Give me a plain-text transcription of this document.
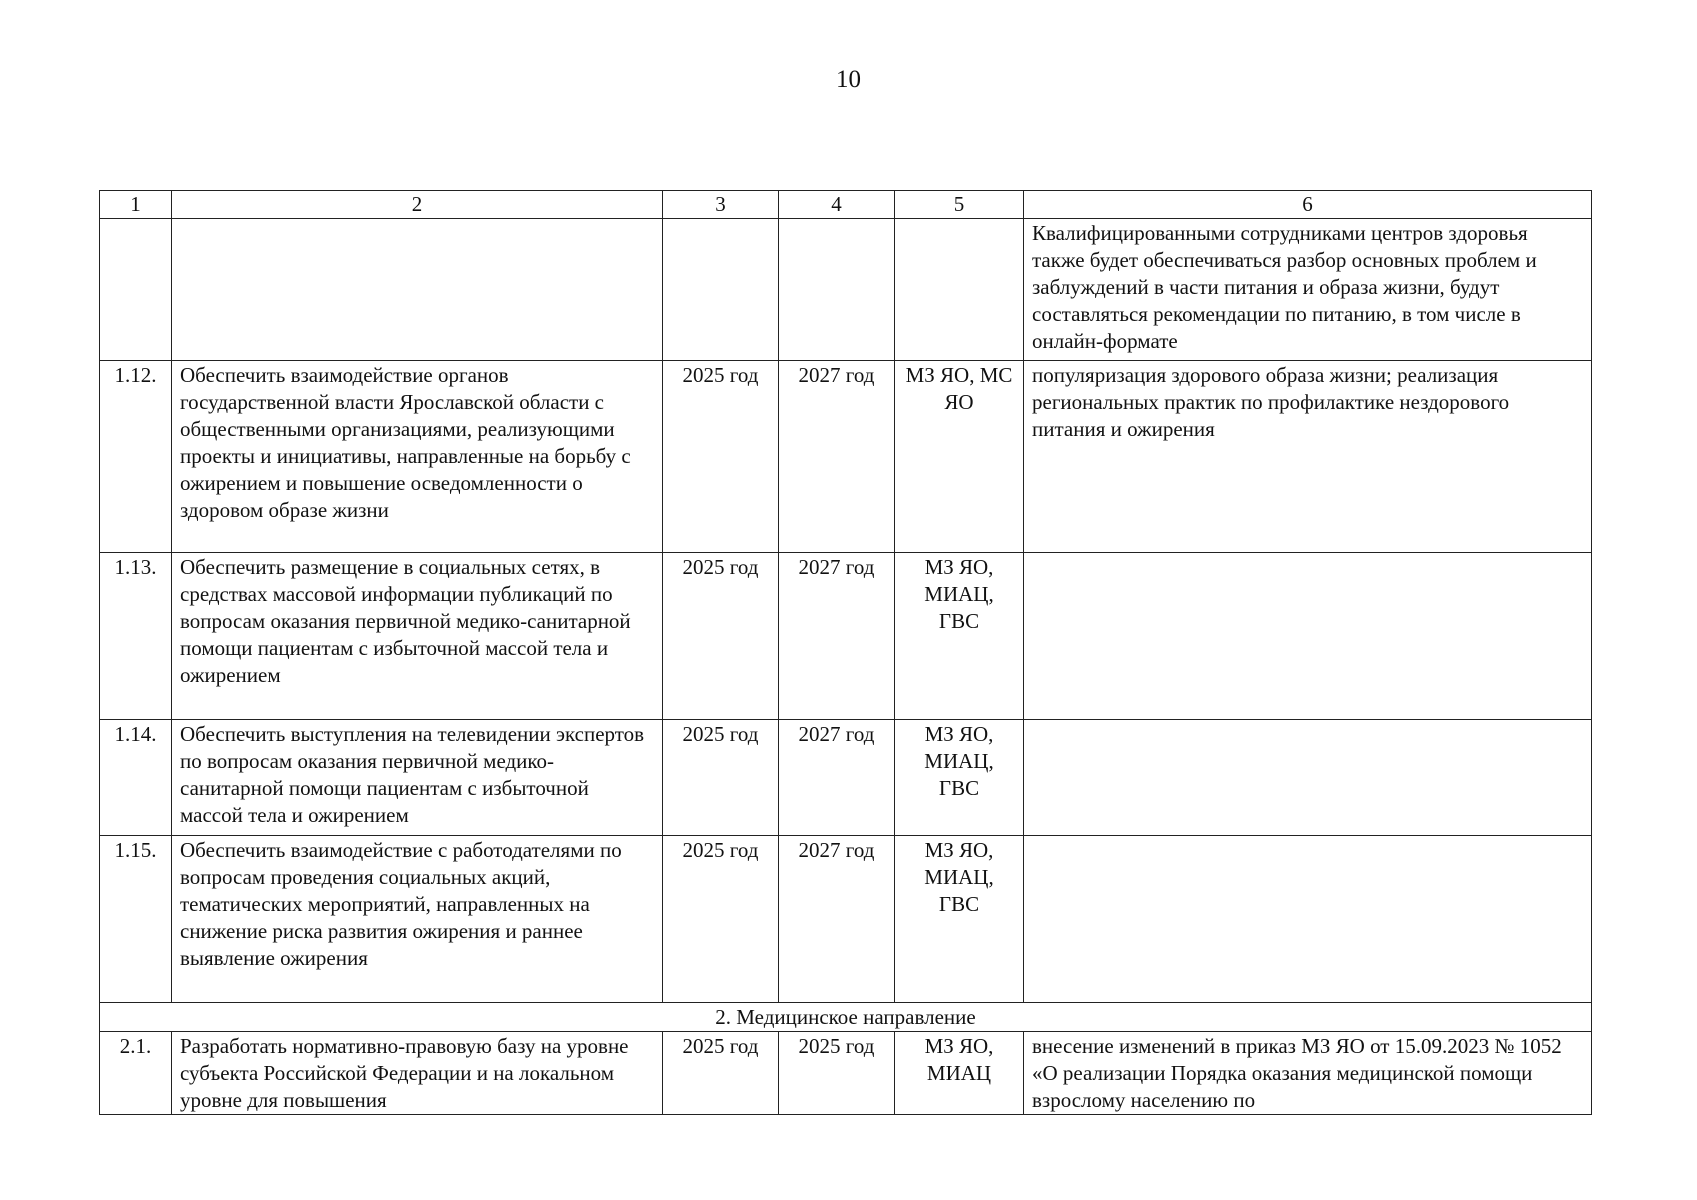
10
1	2	3	4	5	6
					Квалифицированными сотрудниками центров здоровья также будет обеспечиваться разбор основных проблем и заблуждений в части питания и образа жизни, будут составляться рекомендации по питанию, в том числе в онлайн-формате
1.12.	Обеспечить взаимодействие органов государственной власти Ярославской области с общественными организациями, реализующими проекты и инициативы, направленные на борьбу с ожирением и повышение осведомленности о здоровом образе жизни	2025 год	2027 год	МЗ ЯО, МС ЯО	популяризация здорового образа жизни; реализация региональных практик по профилактике нездорового питания и ожирения
1.13.	Обеспечить размещение в социальных сетях, в средствах массовой информации публикаций по вопросам оказания первичной медико-санитарной помощи пациентам с избыточной массой тела и ожирением	2025 год	2027 год	МЗ ЯО, МИАЦ, ГВС	
1.14.	Обеспечить выступления на телевидении экспертов по вопросам оказания первичной медико-санитарной помощи пациентам с избыточной массой тела и ожирением	2025 год	2027 год	МЗ ЯО, МИАЦ, ГВС	
1.15.	Обеспечить взаимодействие с работодателями по вопросам проведения социальных акций, тематических мероприятий, направленных на снижение риска развития ожирения и раннее выявление ожирения	2025 год	2027 год	МЗ ЯО, МИАЦ, ГВС	
2. Медицинское направление					
2.1.	Разработать нормативно-правовую базу на уровне субъекта Российской Федерации и на локальном уровне для повышения	2025 год	2025 год	МЗ ЯО, МИАЦ	внесение изменений в приказ МЗ ЯО от 15.09.2023 № 1052 «О реализации Порядка оказания медицинской помощи взрослому населению по
